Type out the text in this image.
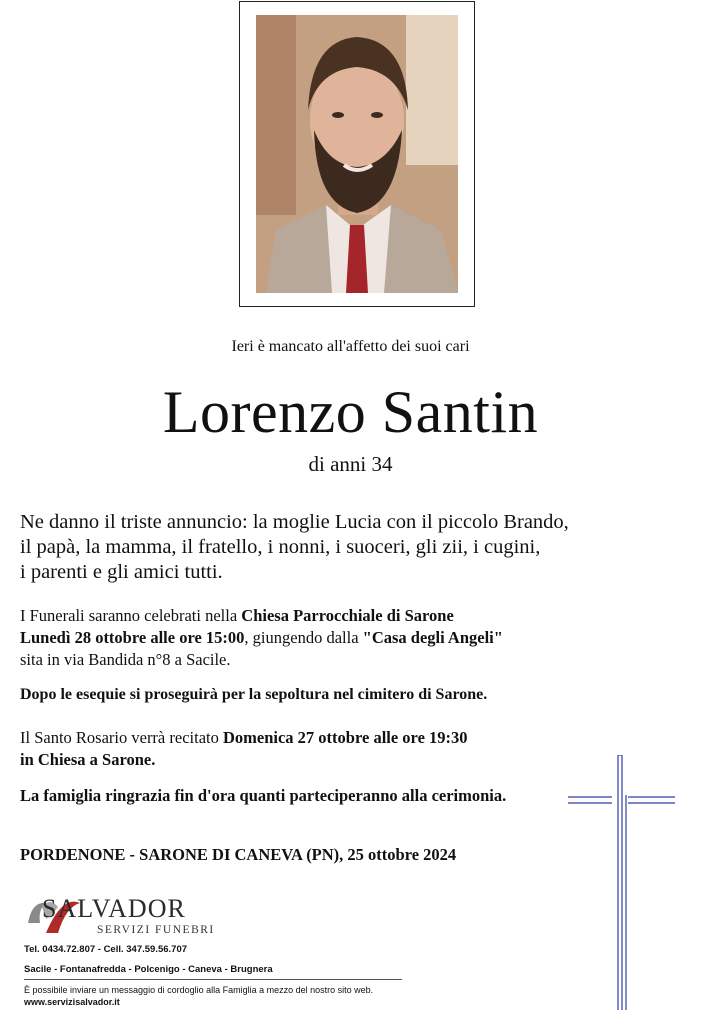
Ieri è mancato all'affetto dei suoi cari
Lorenzo Santin
di anni 34
Ne danno il triste annuncio: la moglie Lucia con il piccolo Brando,
il papà, la mamma, il fratello, i nonni, i suoceri, gli zii, i cugini,
i parenti e gli amici tutti.
I Funerali saranno celebrati nella Chiesa Parrocchiale di Sarone
Lunedì 28 ottobre alle ore 15:00, giungendo dalla "Casa degli Angeli"
sita in via Bandida n°8 a Sacile.
Dopo le esequie si proseguirà per la sepoltura nel cimitero di Sarone.
Il Santo Rosario verrà recitato Domenica 27 ottobre alle ore 19:30
in Chiesa a Sarone.
La famiglia ringrazia fin d'ora quanti parteciperanno alla cerimonia.
PORDENONE - SARONE DI CANEVA (PN), 25 ottobre 2024
SALVADOR
SERVIZI FUNEBRI
Tel. 0434.72.807 - Cell. 347.59.56.707
Sacile - Fontanafredda - Polcenigo - Caneva - Brugnera
È possibile inviare un messaggio di cordoglio alla Famiglia a mezzo del nostro sito web.
www.servizisalvador.it
